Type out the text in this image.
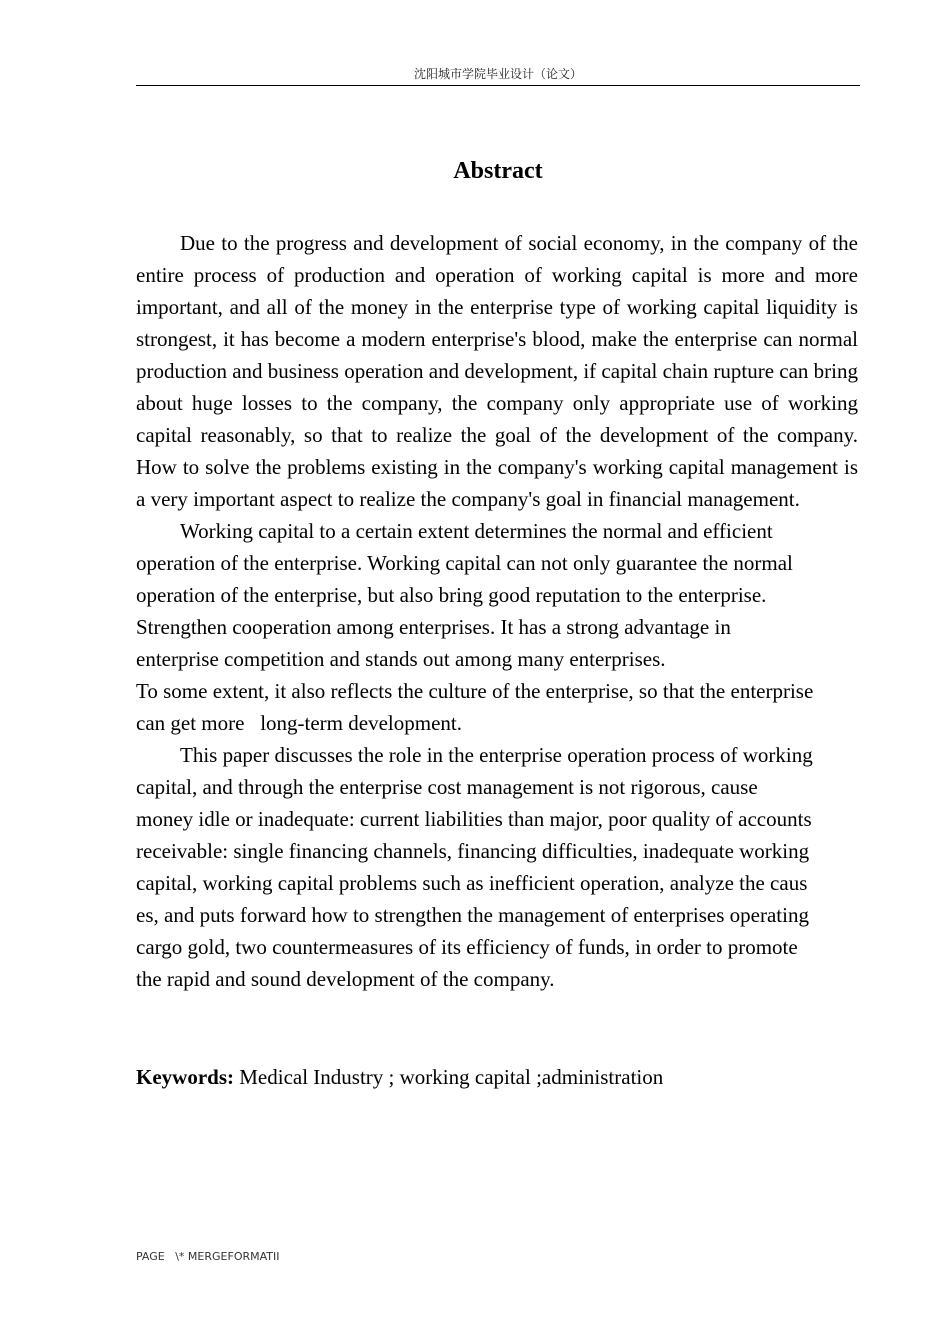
沈阳城市学院毕业设计（论文）
Abstract

Due to the progress and development of social economy, in the company of the entire process of production and operation of working capital is more and more important, and all of the money in the enterprise type of working capital liquidity is strongest, it has become a modern enterprise's blood, make the enterprise can normal production and business operation and development, if capital chain rupture can bring about huge losses to the company, the company only appropriate use of working capital reasonably, so that to realize the goal of the development of the company. How to solve the problems existing in the company's working capital management is a very important aspect to realize the company's goal in financial management.

Working capital to a certain extent determines the normal and efficient
operation of the enterprise. Working capital can not only guarantee the normal
operation of the enterprise, but also bring good reputation to the enterprise.
Strengthen cooperation among enterprises. It has a strong advantage in
enterprise competition and stands out among many enterprises.
To some extent, it also reflects the culture of the enterprise, so that the enterprise
can get more   long-term development.
This paper discusses the role in the enterprise operation process of working
capital, and through the enterprise cost management is not rigorous, cause
money idle or inadequate: current liabilities than major, poor quality of accounts
receivable: single financing channels, financing difficulties, inadequate working
capital, working capital problems such as inefficient operation, analyze the caus
es, and puts forward how to strengthen the management of enterprises operating
cargo gold, two countermeasures of its efficiency of funds, in order to promote
the rapid and sound development of the company.

Keywords: Medical Industry ; working capital ;administration

PAGE   \* MERGEFORMATII
